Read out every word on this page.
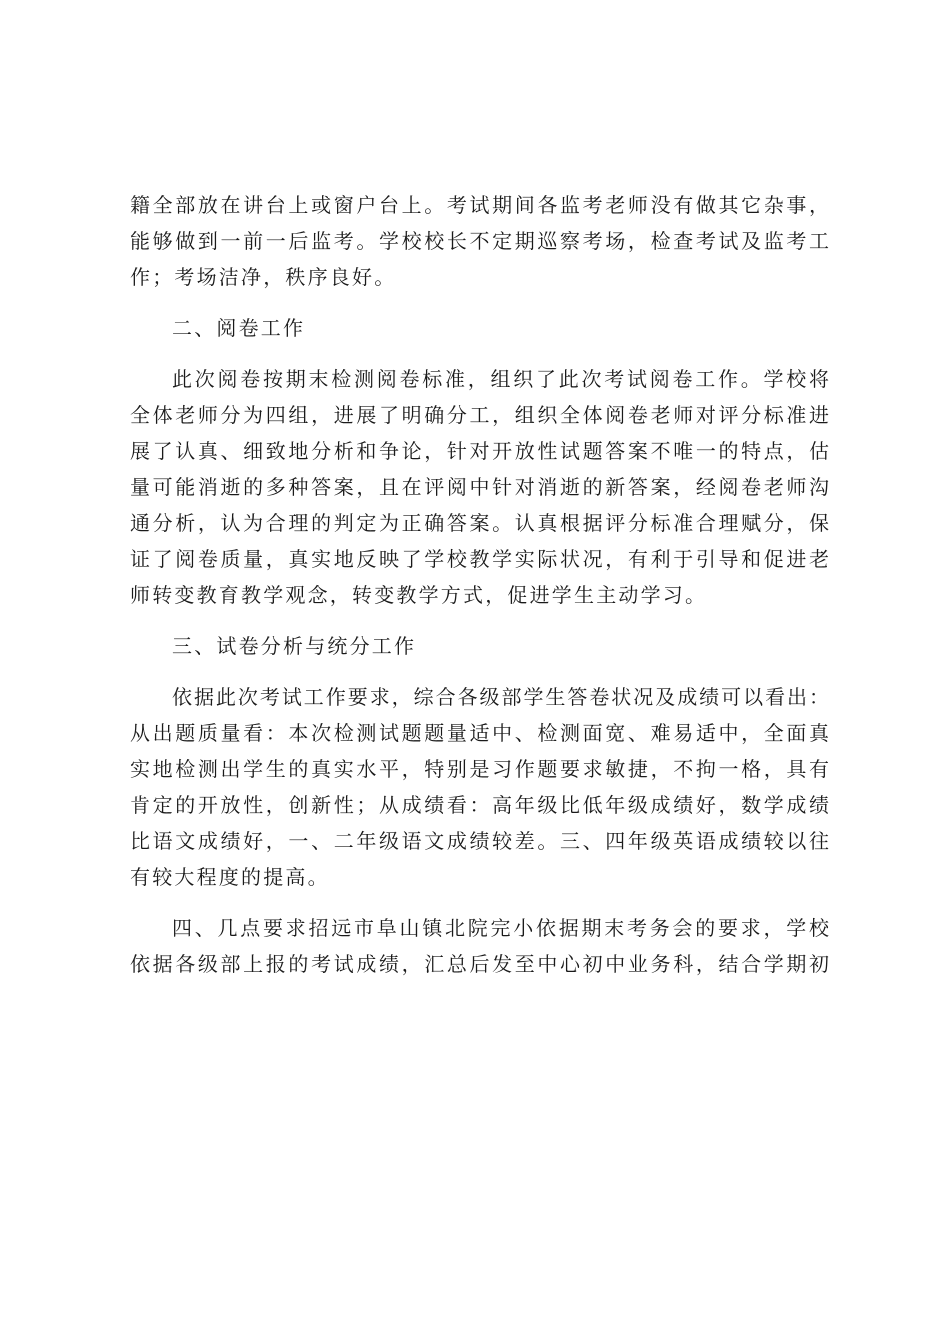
籍全部放在讲台上或窗户台上。考试期间各监考老师没有做其它杂事，
能够做到一前一后监考。学校校长不定期巡察考场，检查考试及监考工
作；考场洁净，秩序良好。
二、阅卷工作
此次阅卷按期末检测阅卷标准，组织了此次考试阅卷工作。学校将
全体老师分为四组，进展了明确分工，组织全体阅卷老师对评分标准进
展了认真、细致地分析和争论，针对开放性试题答案不唯一的特点，估
量可能消逝的多种答案，且在评阅中针对消逝的新答案，经阅卷老师沟
通分析，认为合理的判定为正确答案。认真根据评分标准合理赋分，保
证了阅卷质量，真实地反映了学校教学实际状况，有利于引导和促进老
师转变教育教学观念，转变教学方式，促进学生主动学习。
三、试卷分析与统分工作
依据此次考试工作要求，综合各级部学生答卷状况及成绩可以看出：
从出题质量看：本次检测试题题量适中、检测面宽、难易适中，全面真
实地检测出学生的真实水平，特别是习作题要求敏捷，不拘一格，具有
肯定的开放性，创新性；从成绩看：高年级比低年级成绩好，数学成绩
比语文成绩好，一、二年级语文成绩较差。三、四年级英语成绩较以往
有较大程度的提高。
四、几点要求招远市阜山镇北院完小依据期末考务会的要求，学校
依据各级部上报的考试成绩，汇总后发至中心初中业务科，结合学期初
